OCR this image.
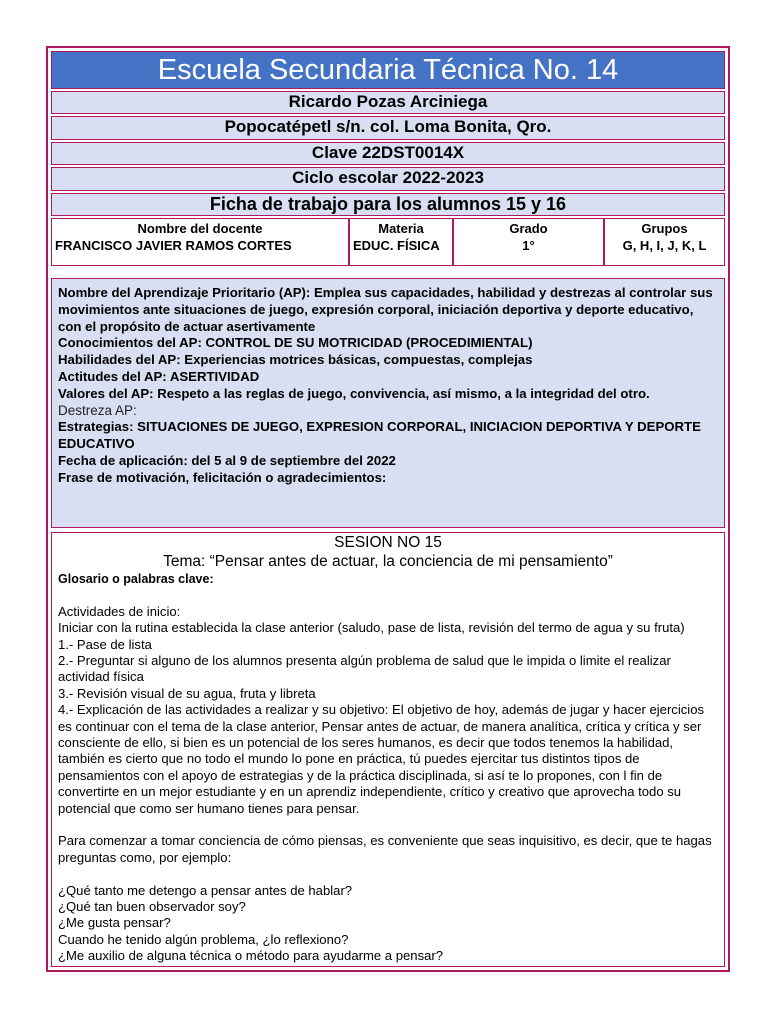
Escuela Secundaria Técnica No. 14
Ricardo Pozas Arciniega
Popocatépetl s/n. col. Loma Bonita, Qro.
Clave 22DST0014X
Ciclo escolar 2022-2023
Ficha de trabajo para los alumnos 15 y 16
Nombre del docente
FRANCISCO JAVIER RAMOS CORTES
Materia
EDUC. FÍSICA
Grado
1°
Grupos
G, H, I, J, K, L

Nombre del Aprendizaje Prioritario (AP): Emplea sus capacidades, habilidad y destrezas al controlar sus movimientos ante situaciones de juego, expresión corporal, iniciación deportiva y deporte educativo, con el propósito de actuar asertivamente

Conocimientos del AP: CONTROL DE SU MOTRICIDAD (PROCEDIMIENTAL)

Habilidades del AP: Experiencias motrices básicas, compuestas, complejas

Actitudes del AP: ASERTIVIDAD

Valores del AP: Respeto a las reglas de juego, convivencia, así mismo, a la integridad del otro.

Destreza AP:

Estrategias: SITUACIONES DE JUEGO, EXPRESION CORPORAL, INICIACION DEPORTIVA Y DEPORTE EDUCATIVO

Fecha de aplicación: del 5 al 9 de septiembre del 2022

Frase de motivación, felicitación o agradecimientos:

SESION NO 15

Tema: “Pensar antes de actuar, la conciencia de mi pensamiento”

Glosario o palabras clave:

Actividades de inicio:

Iniciar con la rutina establecida la clase anterior (saludo, pase de lista, revisión del termo de agua y su fruta)

1.- Pase de lista

2.- Preguntar si alguno de los alumnos presenta algún problema de salud que le impida o limite el realizar actividad física

3.- Revisión visual de su agua, fruta y libreta

4.- Explicación de las actividades a realizar y su objetivo: El objetivo de hoy, además de jugar y hacer ejercicios es continuar con el tema de la clase anterior, Pensar antes de actuar, de manera analítica, crítica y crítica y ser consciente de ello, si bien es un potencial de los seres humanos, es decir que todos tenemos la habilidad, también es cierto que no todo el mundo lo pone en práctica, tú puedes ejercitar tus distintos tipos de pensamientos con el apoyo de estrategias y de la práctica disciplinada, si así te lo propones, con l fin de convertirte en un mejor estudiante y en un aprendiz independiente, crítico y creativo que aprovecha todo su potencial que como ser humano tienes para pensar.

Para comenzar a tomar conciencia de cómo piensas, es conveniente que seas inquisitivo, es decir, que te hagas preguntas como, por ejemplo:

¿Qué tanto me detengo a pensar antes de hablar?

¿Qué tan buen observador soy?

¿Me gusta pensar?

Cuando he tenido algún problema, ¿lo reflexiono?

¿Me auxilio de alguna técnica o método para ayudarme a pensar?
